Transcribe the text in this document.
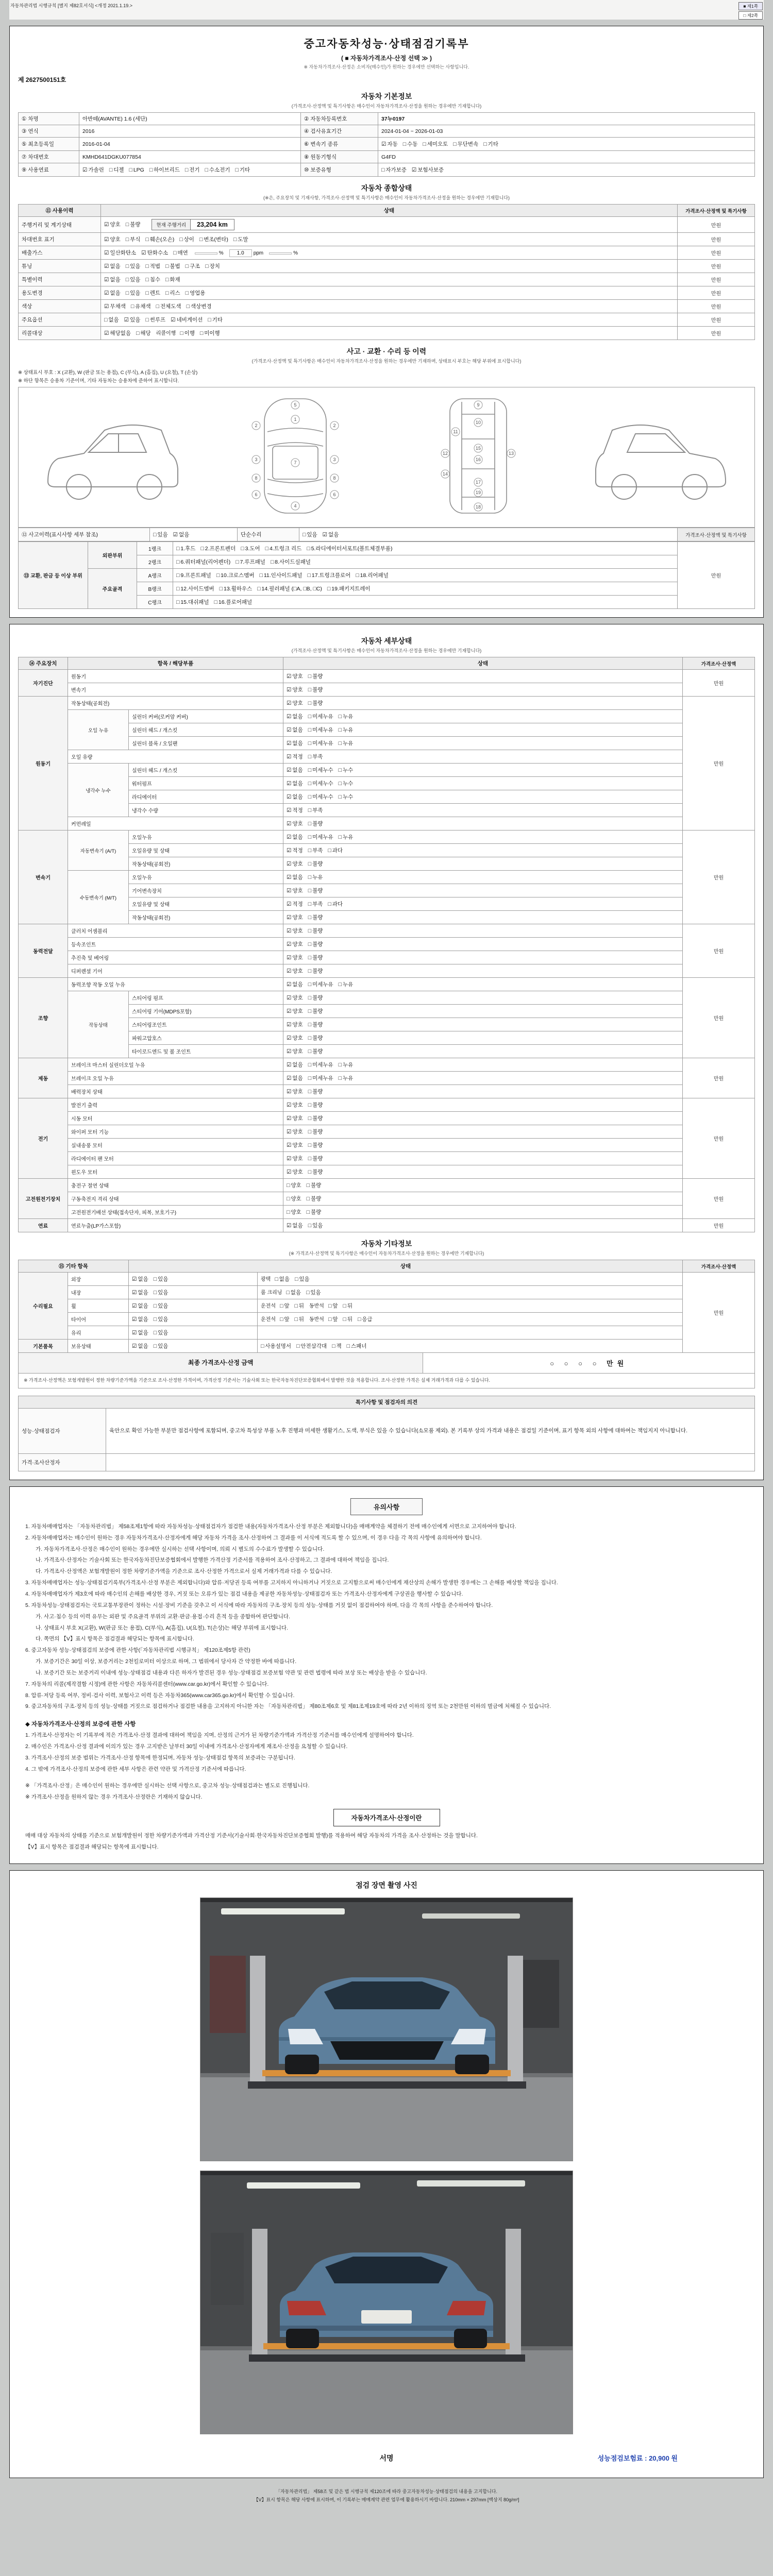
자동차관리법 시행규칙 [별지 제82호서식] <개정 2021.1.19.>	■ 제1쪽
□ 제2쪽
중고자동차성능·상태점검기록부
( ■ 자동차가격조사·산정 선택 ≫ )
※ 자동차가격조사·산정은 소비자(매수인)가 원하는 경우에만 선택하는 사항입니다.
제 2627500151호
자동차 기본정보
(가격조사·산정액 및 특기사항은 매수인이 자동차가격조사·산정을 원하는 경우에만 기재합니다)
① 차명	아반떼(AVANTE) 1.6 (세단)	② 자동차등록번호	37누0197
③ 연식	2016	④ 검사유효기간	2024-01-04 ~ 2026-01-03
⑤ 최초등록일	2016-01-04	⑥ 변속기 종류	☑ 자동 □ 수동 □ 세미오토 □ 무단변속 □ 기타
⑦ 차대번호	KMHD641DGKU077854	⑧ 원동기형식	G4FD
⑨ 사용연료	☑ 가솔린 □ 디젤 □ LPG □ 하이브리드 □ 전기 □ 수소전기 □ 기타	⑩ 보증유형	□ 자가보증 ☑ 보험사보증
자동차 종합상태
(※은, 주요장치 및 기재사항, 가격조사·산정액 및 특기사항은 매수인이 자동차가격조사·산정을 원하는 경우에만 기재합니다)
⑪ 사용이력	상태	가격조사·산정액 및 특기사항
주행거리 및 계기상태	☑ 양호 □ 불량 현재 주행거리 23,204 km	만원
차대번호 표기	☑ 양호 □ 부식 □ 훼손(오손) □ 상이 □ 변조(변타) □ 도말	만원
배출가스	☑ 일산화탄소 ☑ 탄화수소 □ 매연 % 1.0 ppm %	만원
튜닝	☑ 없음 □ 있음 □ 적법 □ 불법 □ 구조 □ 장치	만원
특별이력	☑ 없음 □ 있음 □ 침수 □ 화재	만원
용도변경	☑ 없음 □ 있음 □ 렌트 □ 리스 □ 영업용	만원
색상	☑ 무채색 □ 유채색 □ 전체도색 □ 색상변경	만원
주요옵션	□ 없음 ☑ 있음 □ 썬루프 ☑ 네비게이션 □ 기타	만원
리콜대상	☑ 해당없음 □ 해당 리콜이행 □ 이행 □ 미이행	만원
사고 · 교환 · 수리 등 이력
(가격조사·산정액 및 특기사항은 매수인이 자동차가격조사·산정을 원하는 경우에만 기재하며, 상태표시 부호는 해당 부위에 표시합니다)
※ 상태표시 부호 : X (교환), W (판금 또는 용접), C (부식), A (흠집), U (요철), T (손상)
※ 하단 항목은 승용차 기준이며, 기타 자동차는 승용차에 준하여 표시합니다.
5
1
2	2
3	3
7
8	8
6	6
4
9
10
11
12	13
14
15
16
17
19
18
⑫ 사고이력(표시사항 세부 참조)	□ 있음 ☑ 없음	단순수리	□ 있음 ☑ 없음	가격조사·산정액 및 특기사항
⑬ 교환, 판금 등 이상 부위	외판부위	1랭크	□ 1.후드 □ 2.프론트펜더 □ 3.도어 □ 4.트렁크 리드 □ 5.라디에이터서포트(볼트체결부품)	만원
		2랭크	□ 6.쿼터패널(리어펜더) □ 7.루프패널 □ 8.사이드실패널	
	주요골격	A랭크	□ 9.프론트패널 □ 10.크로스멤버 □ 11.인사이드패널 □ 17.트렁크플로어 □ 18.리어패널	
		B랭크	□ 12.사이드멤버 □ 13.휠하우스 □ 14.필러패널 (□A, □B, □C) □ 19.패키지트레이	
		C랭크	□ 15.대쉬패널 □ 16.플로어패널	
자동차 세부상태
(가격조사·산정액 및 특기사항은 매수인이 자동차가격조사·산정을 원하는 경우에만 기재합니다)
⑭ 주요장치	항목 / 해당부품		상태	가격조사·산정액
자기진단	원동기		☑ 양호 □ 불량	만원
	변속기		☑ 양호 □ 불량	
원동기	작동상태(공회전)		☑ 양호 □ 불량	만원
	오일 누유	실린더 커버(로커암 커버)	☑ 없음 □ 미세누유 □ 누유	
		실린더 헤드 / 개스킷	☑ 없음 □ 미세누유 □ 누유	
		실린더 블록 / 오일팬	☑ 없음 □ 미세누유 □ 누유	
	오일 유량		☑ 적정 □ 부족	
	냉각수 누수	실린더 헤드 / 개스킷	☑ 없음 □ 미세누수 □ 누수	
		워터펌프	☑ 없음 □ 미세누수 □ 누수	
		라디에이터	☑ 없음 □ 미세누수 □ 누수	
		냉각수 수량	☑ 적정 □ 부족	
	커먼레일		☑ 양호 □ 불량	
변속기	자동변속기 (A/T)	오일누유	☑ 없음 □ 미세누유 □ 누유	만원
		오일유량 및 상태	☑ 적정 □ 부족 □ 과다	
		작동상태(공회전)	☑ 양호 □ 불량	
	수동변속기 (M/T)	오일누유	☑ 없음 □ 누유	
		기어변속장치	☑ 양호 □ 불량	
		오일유량 및 상태	☑ 적정 □ 부족 □ 과다	
		작동상태(공회전)	☑ 양호 □ 불량	
동력전달	클러치 어셈블리		☑ 양호 □ 불량	만원
	등속조인트		☑ 양호 □ 불량	
	추진축 및 베어링		☑ 양호 □ 불량	
	디퍼렌셜 기어		☑ 양호 □ 불량	
조향	동력조향 작동 오일 누유		☑ 없음 □ 미세누유 □ 누유	만원
	작동상태	스티어링 펌프	☑ 양호 □ 불량	
		스티어링 기어(MDPS포함)	☑ 양호 □ 불량	
		스티어링조인트	☑ 양호 □ 불량	
		파워고압호스	☑ 양호 □ 불량	
		타이로드엔드 및 볼 조인트	☑ 양호 □ 불량	
제동	브레이크 마스터 실린더오일 누유		☑ 없음 □ 미세누유 □ 누유	만원
	브레이크 오일 누유		☑ 없음 □ 미세누유 □ 누유	
	배력장치 상태		☑ 양호 □ 불량	
전기	발전기 출력		☑ 양호 □ 불량	만원
	시동 모터		☑ 양호 □ 불량	
	와이퍼 모터 기능		☑ 양호 □ 불량	
	실내송풍 모터		☑ 양호 □ 불량	
	라디에이터 팬 모터		☑ 양호 □ 불량	
	윈도우 모터		☑ 양호 □ 불량	
고전원전기장치	충전구 절연 상태		□ 양호 □ 불량	만원
	구동축전지 격리 상태		□ 양호 □ 불량	
	고전원전기배선 상태(접속단자, 피복, 보호기구)		□ 양호 □ 불량	
연료	연료누출(LP가스포함)		☑ 없음 □ 있음	만원
자동차 기타정보
(※ 가격조사·산정액 및 특기사항은 매수인이 자동차가격조사·산정을 원하는 경우에만 기재합니다)
⑮ 기타 항목		상태		가격조사·산정액
수리필요	외장	☑ 없음 □ 있음	광택 □ 없음 □ 있음	만원
	내장	☑ 없음 □ 있음	룸 크리닝 □ 없음 □ 있음	
	휠	☑ 없음 □ 있음	운전석 □ 앞 □ 뒤 동반석 □ 앞 □ 뒤	
	타이어	☑ 없음 □ 있음	운전석 □ 앞 □ 뒤 동반석 □ 앞 □ 뒤 □ 응급	
	유리	☑ 없음 □ 있음		
기본품목	보유상태	☑ 없음 □ 있음	□ 사용설명서 □ 안전삼각대 □ 잭 □ 스패너	
최종 가격조사·산정 금액	○ ○ ○ ○ 만원
※ 가격조사·산정액은 보험개발원이 정한 차량기준가액을 기준으로 조사·산정한 가격이며, 가격산정 기준서는 기술사회 또는 한국자동차진단보증협회에서 발행한 것을 적용합니다. 조사·산정한 가격은 실제 거래가격과 다를 수 있습니다.
특기사항 및 점검자의 의견	
성능·상태점검자	육안으로 확인 가능한 부분만 점검사항에 포함되며, 중고차 특성상 부품 노후 진행과 미세한 생활기스, 도색, 부식은 있을 수 있습니다(소모품 제외). 본 기록부 상의 가격과 내용은 점검일 기준이며, 표기 항목 외의 사항에 대하여는 책임지지 아니합니다.
가격·조사산정자	
유의사항
1. 자동차매매업자는 「자동차관리법」 제58조제1항에 따라 자동차성능·상태점검자가 점검한 내용(자동차가격조사·산정 부분은 제외합니다)을 매매계약을 체결하기 전에 매수인에게 서면으로 고지하여야 합니다.
2. 자동차매매업자는 매수인이 원하는 경우 자동차가격조사·산정자에게 해당 자동차 가격을 조사·산정하여 그 결과를 이 서식에 적도록 할 수 있으며, 이 경우 다음 각 목의 사항에 유의하여야 합니다.
가. 자동차가격조사·산정은 매수인이 원하는 경우에만 실시하는 선택 사항이며, 의뢰 시 별도의 수수료가 발생할 수 있습니다.
나. 가격조사·산정자는 기술사회 또는 한국자동차진단보증협회에서 발행한 가격산정 기준서를 적용하여 조사·산정하고, 그 결과에 대하여 책임을 집니다.
다. 가격조사·산정액은 보험개발원이 정한 차량기준가액을 기준으로 조사·산정한 가격으로서 실제 거래가격과 다를 수 있습니다.
3. 자동차매매업자는 성능·상태점검기록부(가격조사·산정 부분은 제외합니다)와 압류·저당권 등록 여부를 고지하지 아니하거나 거짓으로 고지함으로써 매수인에게 재산상의 손해가 발생한 경우에는 그 손해를 배상할 책임을 집니다.
4. 자동차매매업자가 제3호에 따라 매수인의 손해를 배상한 경우, 거짓 또는 오류가 있는 점검 내용을 제공한 자동차성능·상태점검자 또는 가격조사·산정자에게 구상권을 행사할 수 있습니다.
5. 자동차성능·상태점검자는 국토교통부장관이 정하는 시설·장비 기준을 갖추고 이 서식에 따라 자동차의 구조·장치 등의 성능·상태를 거짓 없이 점검하여야 하며, 다음 각 목의 사항을 준수하여야 합니다.
가. 사고·침수 등의 이력 유무는 외판 및 주요골격 부위의 교환·판금·용접·수리 흔적 등을 종합하여 판단합니다.
나. 상태표시 부호 X(교환), W(판금 또는 용접), C(부식), A(흠집), U(요철), T(손상)는 해당 부위에 표시합니다.
다. 쪽면의 【V】표시 항목은 점검결과 해당되는 항목에 표시합니다.
6. 중고자동차 성능·상태점검의 보증에 관한 사항(「자동차관리법 시행규칙」 제120조제5항 관련)
가. 보증기간은 30일 이상, 보증거리는 2천킬로미터 이상으로 하며, 그 범위에서 당사자 간 약정한 바에 따릅니다.
나. 보증기간 또는 보증거리 이내에 성능·상태점검 내용과 다른 하자가 발견된 경우 성능·상태점검 보증보험 약관 및 관련 법령에 따라 보상 또는 배상을 받을 수 있습니다.
7. 자동차의 리콜(제작결함 시정)에 관한 사항은 자동차리콜센터(www.car.go.kr)에서 확인할 수 있습니다.
8. 압류·저당 등록 여부, 정비·검사 이력, 보험사고 이력 등은 자동차365(www.car365.go.kr)에서 확인할 수 있습니다.
9. 중고자동차의 구조·장치 등의 성능·상태를 거짓으로 점검하거나 점검한 내용을 고지하지 아니한 자는 「자동차관리법」 제80조제6호 및 제81조제19호에 따라 2년 이하의 징역 또는 2천만원 이하의 벌금에 처해질 수 있습니다.
◆ 자동차가격조사·산정의 보증에 관한 사항
1. 가격조사·산정자는 이 기록부에 적은 가격조사·산정 결과에 대하여 책임을 지며, 산정의 근거가 된 차량기준가액과 가격산정 기준서를 매수인에게 설명하여야 합니다.
2. 매수인은 가격조사·산정 결과에 이의가 있는 경우 고지받은 날부터 30일 이내에 가격조사·산정자에게 재조사·산정을 요청할 수 있습니다.
3. 가격조사·산정의 보증 범위는 가격조사·산정 항목에 한정되며, 자동차 성능·상태점검 항목의 보증과는 구분됩니다.
4. 그 밖에 가격조사·산정의 보증에 관한 세부 사항은 관련 약관 및 가격산정 기준서에 따릅니다.
※ 「가격조사·산정」은 매수인이 원하는 경우에만 실시하는 선택 사항으로, 중고차 성능·상태점검과는 별도로 진행됩니다.
※ 가격조사·산정을 원하지 않는 경우 가격조사·산정란은 기재하지 않습니다.
자동차가격조사·산정이란
매매 대상 자동차의 상태를 기준으로 보험개발원이 정한 차량기준가액과 가격산정 기준서(기술사회·한국자동차진단보증협회 발행)를 적용하여 해당 자동차의 가격을 조사·산정하는 것을 말합니다.
【V】표시 항목은 점검결과 해당되는 항목에 표시합니다.
점검 장면 촬영 사진
서명	성능점검보험료 : 20,900 원
「자동차관리법」 제58조 및 같은 법 시행규칙 제120조에 따라 중고자동차성능·상태점검의 내용을 고지합니다.
【V】표시 항목은 해당 사항에 표시하며, 이 기록부는 매매계약 관련 업무에 활용하시기 바랍니다. 210mm × 297mm [백상지 80g/m²]
